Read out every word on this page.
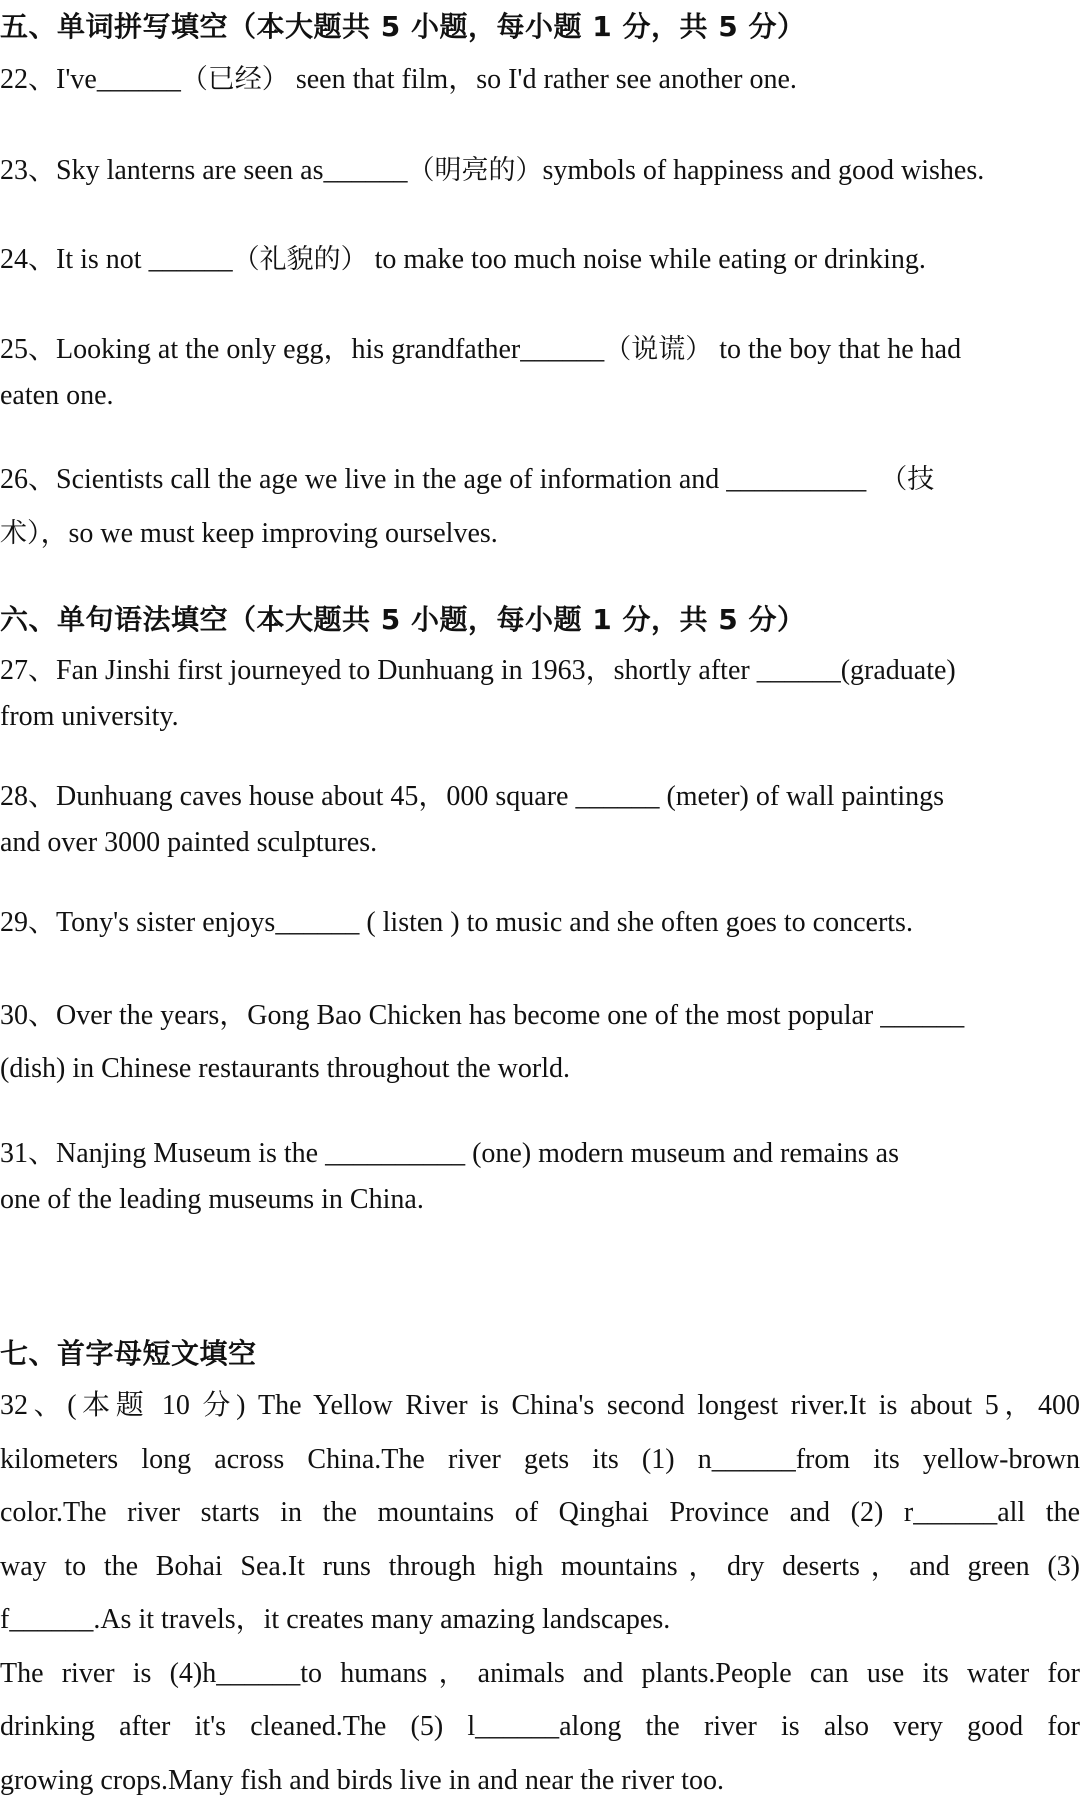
五、单词拼写填空（本大题共 5 小题，每小题 1 分，共 5 分）
22、I've______（已经） seen that film，so I'd rather see another one.
23、Sky lanterns are seen as______（明亮的）symbols of happiness and good wishes.
24、It is not ______（礼貌的） to make too much noise while eating or drinking.
25、Looking at the only egg，his grandfather______（说谎） to the boy that he had
eaten one.
26、Scientists call the age we live in the age of information and __________ （技
术），so we must keep improving ourselves.
六、单句语法填空（本大题共 5 小题，每小题 1 分，共 5 分）
27、Fan Jinshi first journeyed to Dunhuang in 1963，shortly after ______(graduate)
from university.
28、Dunhuang caves house about 45，000 square ______ (meter) of wall paintings
and over 3000 painted sculptures.
29、Tony's sister enjoys______ ( listen ) to music and she often goes to concerts.
30、Over the years，Gong Bao Chicken has become one of the most popular ______
(dish) in Chinese restaurants throughout the world.
31、Nanjing Museum is the __________ (one) modern museum and remains as
one of the leading museums in China.
七、首字母短文填空
32、(本题 10 分) The Yellow River is China's second longest river.It is about 5，400
kilometers long across China.The river gets its (1) n______from its yellow-brown
color.The river starts in the mountains of Qinghai Province and (2) r______all the
way to the Bohai Sea.It runs through high mountains，dry deserts，and green (3)
f______.As it travels，it creates many amazing landscapes.
The river is (4)h______to humans，animals and plants.People can use its water for
drinking after it's cleaned.The (5) l______along the river is also very good for
growing crops.Many fish and birds live in and near the river too.
